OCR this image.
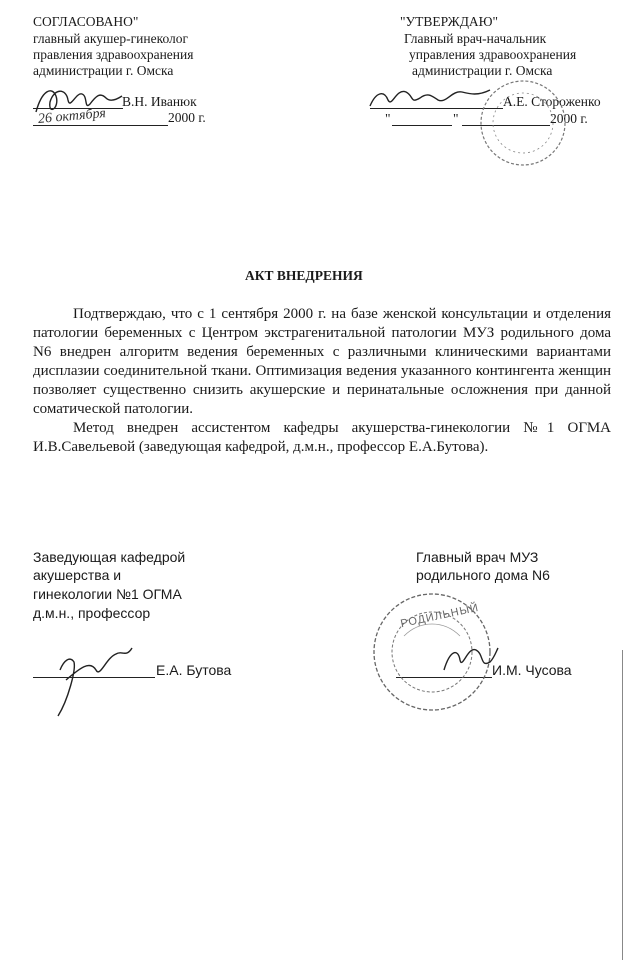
СОГЛАСОВАНО"
главный акушер-гинеколог
правления здравоохранения
администрации г. Омска
В.Н. Иванюк
26 октября	2000 г.
"УТВЕРЖДАЮ"
Главный врач-начальник
управления здравоохранения
администрации г. Омска
А.Е. Стороженко
"	"	2000 г.
АКТ ВНЕДРЕНИЯ

Подтверждаю, что с 1 сентября 2000 г. на базе женской консультации и отделения патологии беременных с Центром экстрагенитальной патологии МУЗ родильного дома N6 внедрен алгоритм ведения беременных с различными клиническими вариантами дисплазии соединительной ткани. Оптимизация ведения указанного контингента женщин позволяет существенно снизить акушерские и перинатальные осложнения при данной соматической патологии.

Метод внедрен ассистентом кафедры акушерства-гинекологии №1 ОГМА И.В.Савельевой (заведующая кафедрой, д.м.н., профессор Е.А.Бутова).

Заведующая кафедрой
акушерства и
гинекологии №1 ОГМА
д.м.н., профессор
Е.А. Бутова
Главный врач МУЗ
родильного дома N6
И.М. Чусова
РОДИЛЬНЫЙ
